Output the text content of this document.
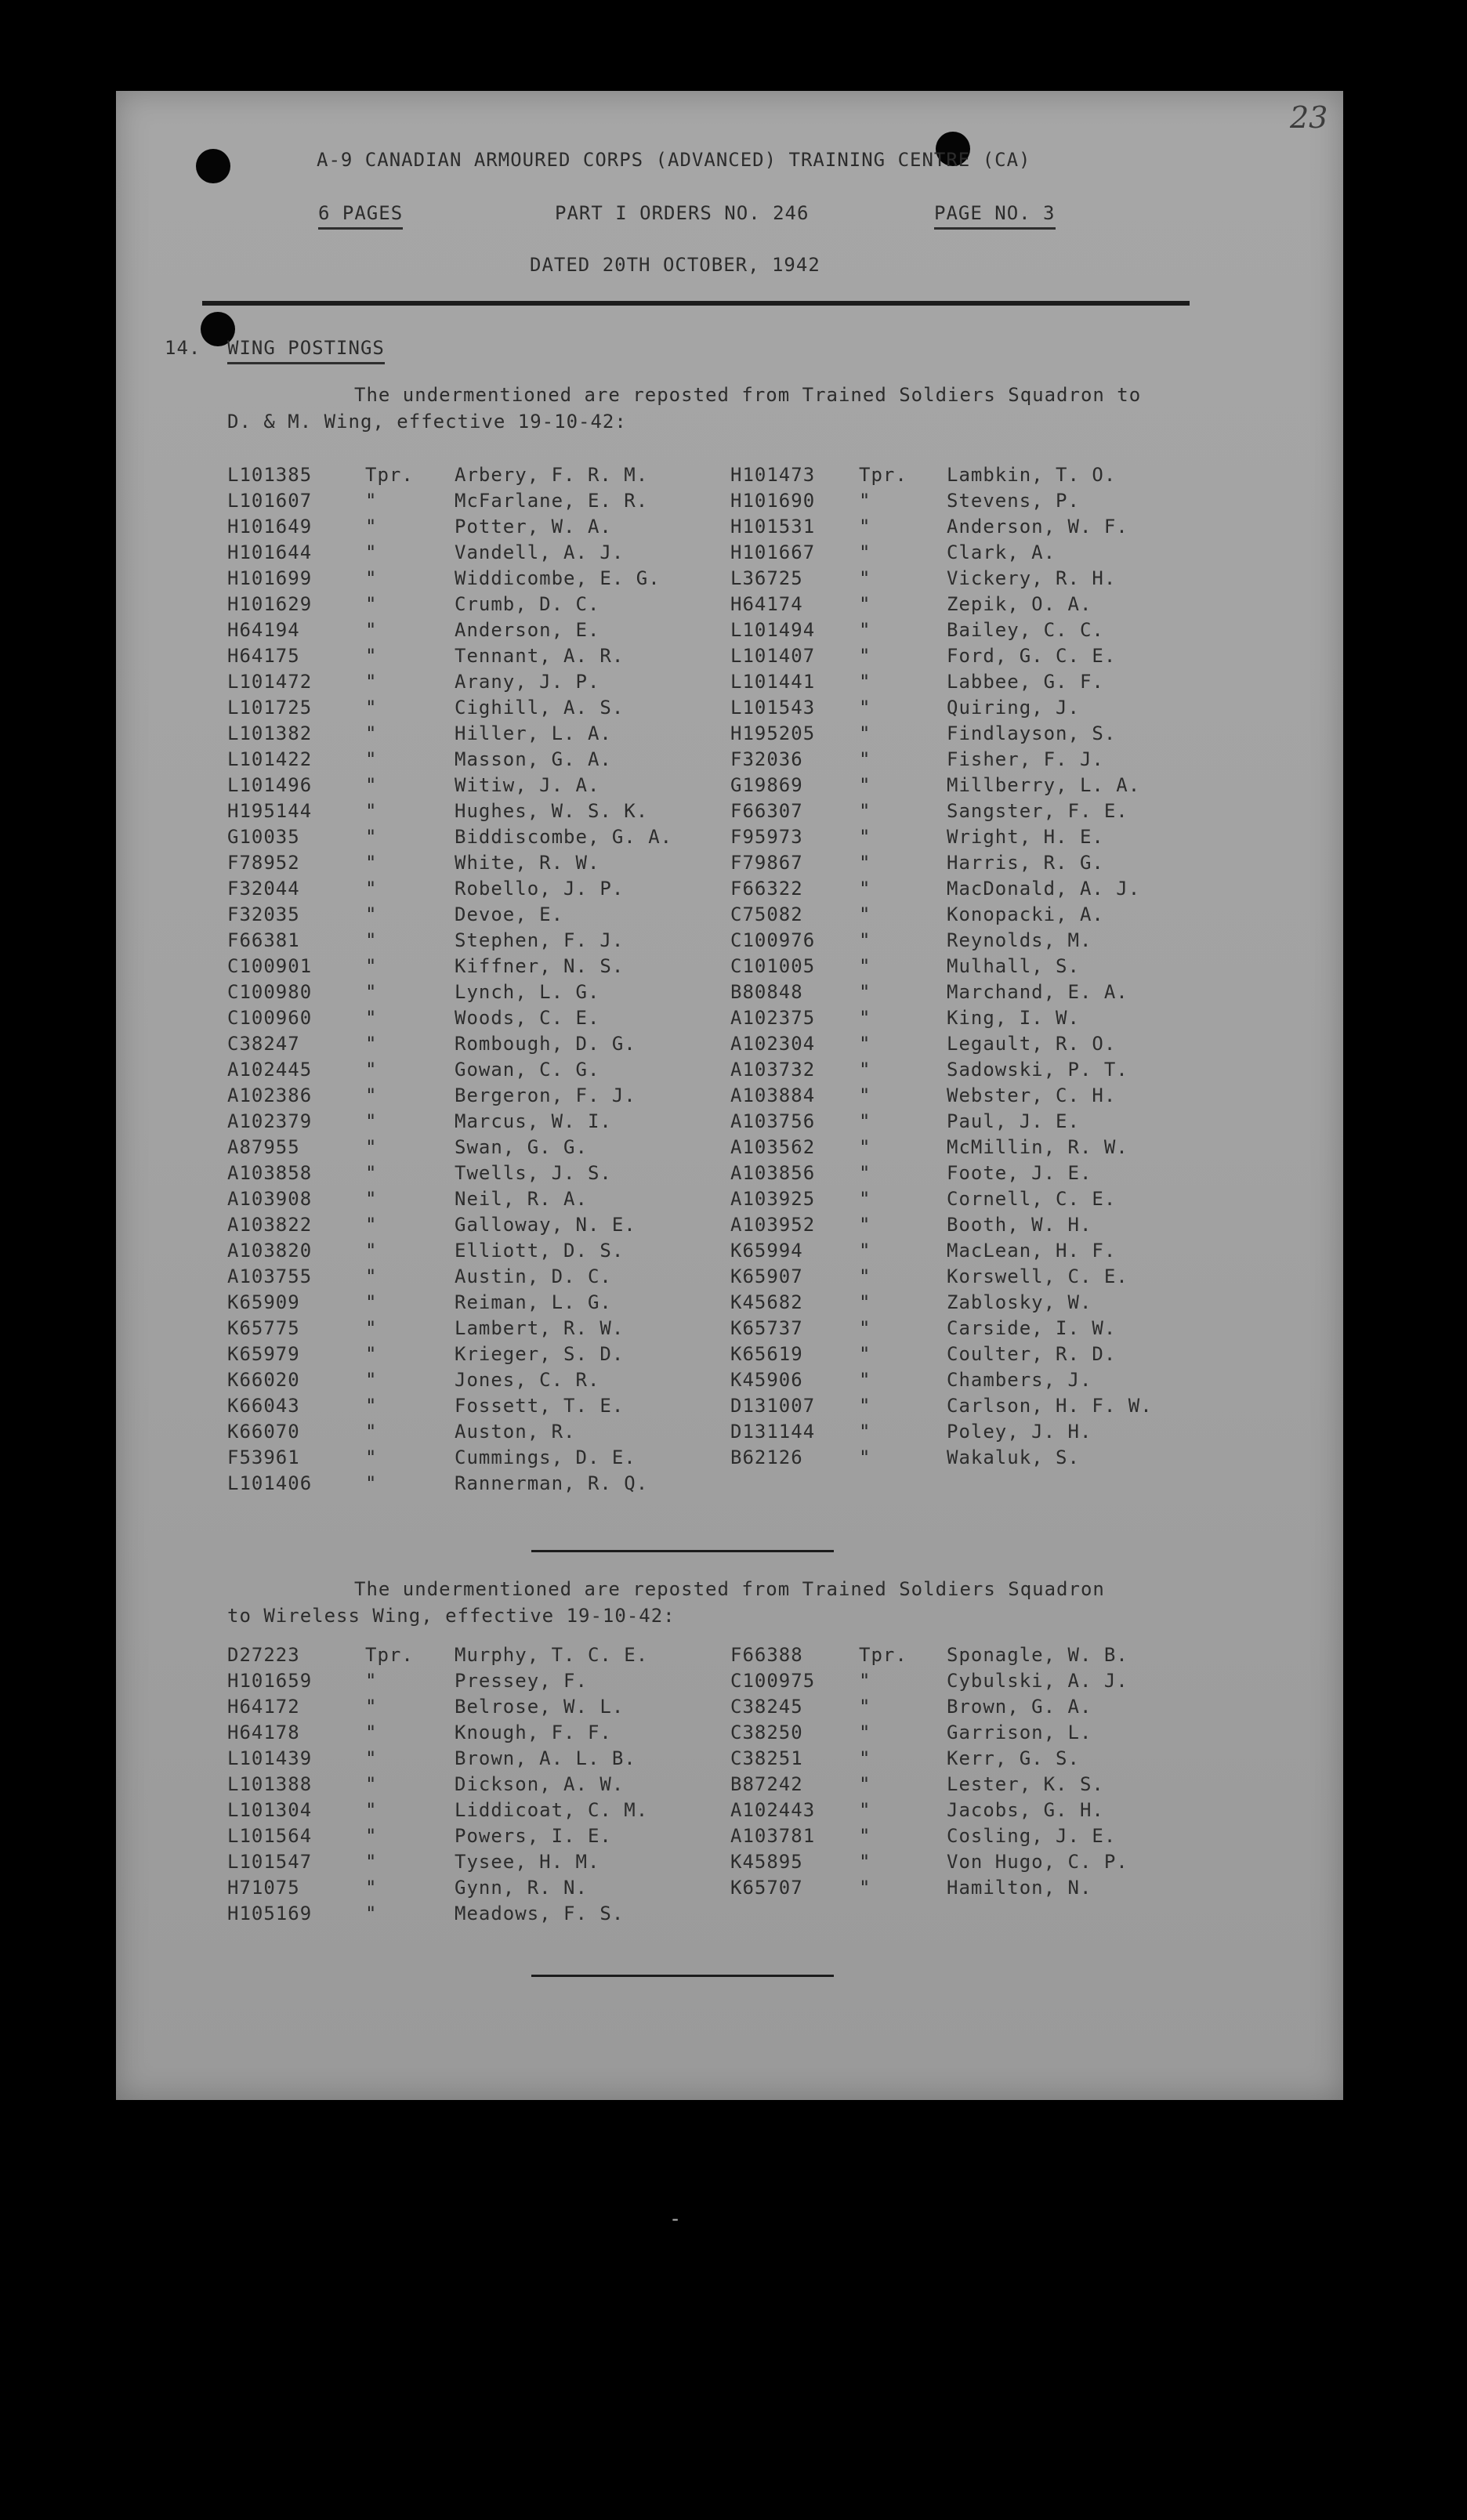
23
A-9 CANADIAN ARMOURED CORPS (ADVANCED) TRAINING CENTRE (CA)
6 PAGES	PART I ORDERS NO. 246	PAGE NO. 3
DATED 20TH OCTOBER, 1942
14. WING POSTINGS
The undermentioned are reposted from Trained Soldiers Squadron to
D. & M. Wing, effective 19-10-42:
L101385	Tpr. Arbery, F. R. M.	H101473 Tpr. Lambkin, T. O.
L101607	"	McFarlane, E. R.	H101690 "	Stevens, P.
H101649	"	Potter, W. A.	H101531 "	Anderson, W. F.
H101644	"	Vandell, A. J.	H101667 "	Clark, A.
H101699	"	Widdicombe, E. G.	L36725	"	Vickery, R. H.
H101629	"	Crumb, D. C.	H64174	"	Zepik, O. A.
H64194	"	Anderson, E.	L101494 "	Bailey, C. C.
H64175	"	Tennant, A. R.	L101407 "	Ford, G. C. E.
L101472	"	Arany, J. P.	L101441 "	Labbee, G. F.
L101725	"	Cighill, A. S.	L101543 "	Quiring, J.
L101382	"	Hiller, L. A.	H195205 "	Findlayson, S.
L101422	"	Masson, G. A.	F32036	"	Fisher, F. J.
L101496	"	Witiw, J. A.	G19869	"	Millberry, L. A.
H195144	"	Hughes, W. S. K.	F66307	"	Sangster, F. E.
G10035	"	Biddiscombe, G. A.	F95973	"	Wright, H. E.
F78952	"	White, R. W.	F79867	"	Harris, R. G.
F32044	"	Robello, J. P.	F66322	"	MacDonald, A. J.
F32035	"	Devoe, E.	C75082	"	Konopacki, A.
F66381	"	Stephen, F. J.	C100976 "	Reynolds, M.
C100901	"	Kiffner, N. S.	C101005 "	Mulhall, S.
C100980	"	Lynch, L. G.	B80848	"	Marchand, E. A.
C100960	"	Woods, C. E.	A102375 "	King, I. W.
C38247	"	Rombough, D. G.	A102304 "	Legault, R. O.
A102445	"	Gowan, C. G.	A103732 "	Sadowski, P. T.
A102386	"	Bergeron, F. J.	A103884 "	Webster, C. H.
A102379	"	Marcus, W. I.	A103756 "	Paul, J. E.
A87955	"	Swan, G. G.	A103562 "	McMillin, R. W.
A103858	"	Twells, J. S.	A103856 "	Foote, J. E.
A103908	"	Neil, R. A.	A103925 "	Cornell, C. E.
A103822	"	Galloway, N. E.	A103952 "	Booth, W. H.
A103820	"	Elliott, D. S.	K65994	"	MacLean, H. F.
A103755	"	Austin, D. C.	K65907	"	Korswell, C. E.
K65909	"	Reiman, L. G.	K45682	"	Zablosky, W.
K65775	"	Lambert, R. W.	K65737	"	Carside, I. W.
K65979	"	Krieger, S. D.	K65619	"	Coulter, R. D.
K66020	"	Jones, C. R.	K45906	"	Chambers, J.
K66043	"	Fossett, T. E.	D131007 "	Carlson, H. F. W.
K66070	"	Auston, R.	D131144 "	Poley, J. H.
F53961	"	Cummings, D. E.	B62126	"	Wakaluk, S.
L101406	"	Rannerman, R. Q.
The undermentioned are reposted from Trained Soldiers Squadron
to Wireless Wing, effective 19-10-42:
D27223	Tpr. Murphy, T. C. E.	F66388	Tpr. Sponagle, W. B.
H101659	"	Pressey, F.	C100975 "	Cybulski, A. J.
H64172	"	Belrose, W. L.	C38245	"	Brown, G. A.
H64178	"	Knough, F. F.	C38250	"	Garrison, L.
L101439	"	Brown, A. L. B.	C38251	"	Kerr, G. S.
L101388	"	Dickson, A. W.	B87242	"	Lester, K. S.
L101304	"	Liddicoat, C. M.	A102443 "	Jacobs, G. H.
L101564	"	Powers, I. E.	A103781 "	Cosling, J. E.
L101547	"	Tysee, H. M.	K45895	"	Von Hugo, C. P.
H71075	"	Gynn, R. N.	K65707	"	Hamilton, N.
H105169	"	Meadows, F. S.
⁃
